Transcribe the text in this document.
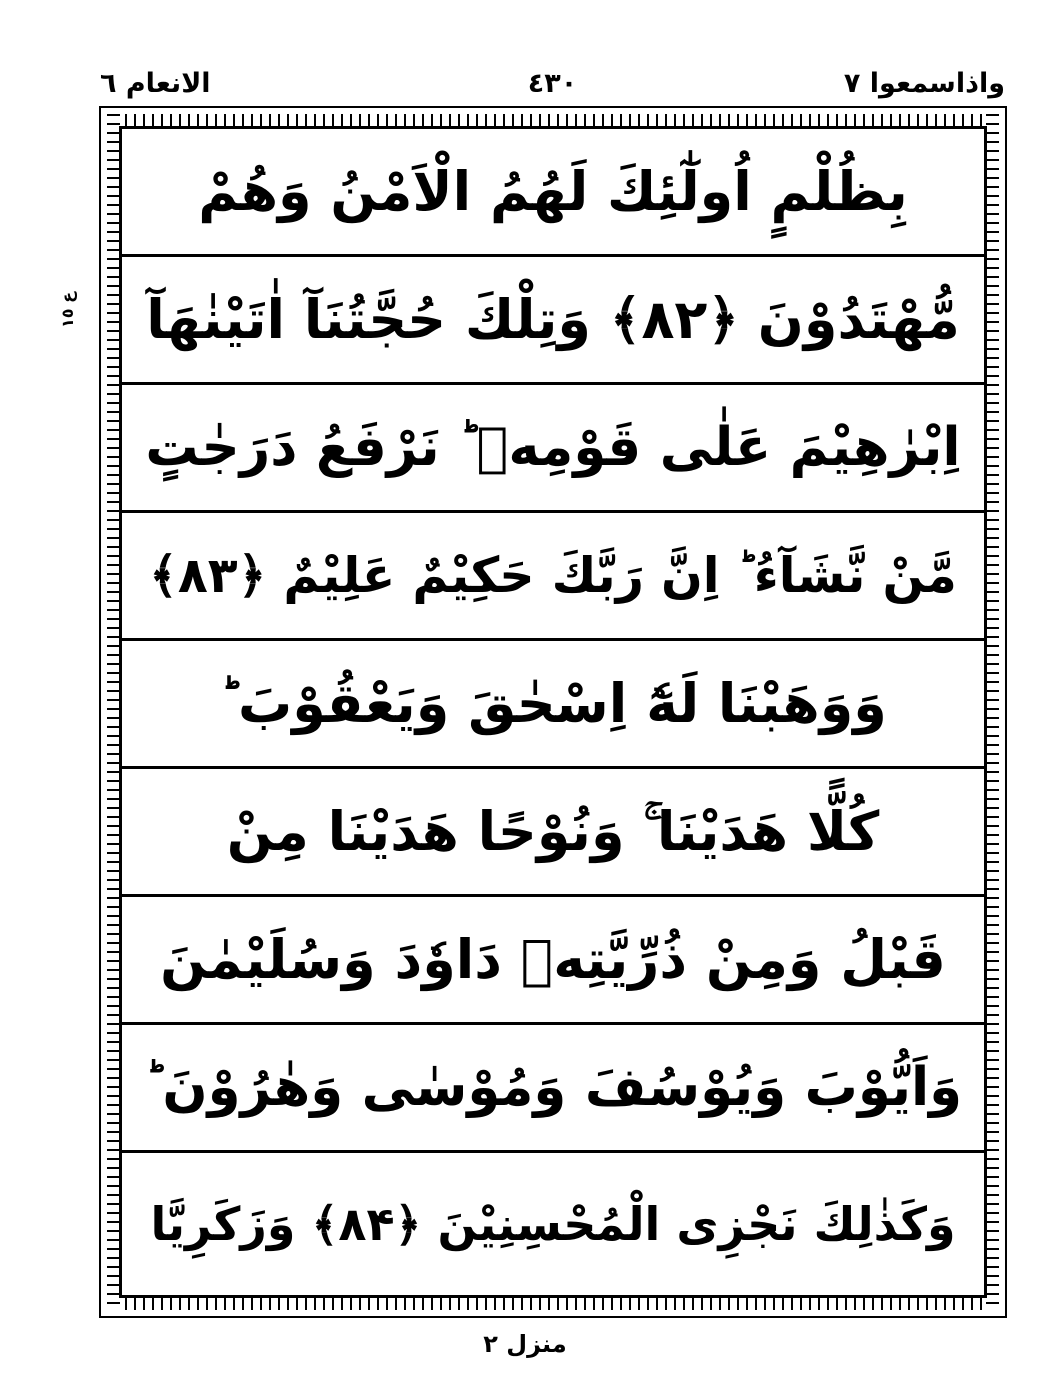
واذاسمعوا ٧
٤٣٠
الانعام ٦
ع ١٥
بِظُلْمٍ اُولٰٓئِكَ لَهُمُ الْاَمْنُ وَهُمْ
مُّهْتَدُوْنَ ﴿۸۲﴾ وَتِلْكَ حُجَّتُنَآ اٰتَيْنٰهَآ
اِبْرٰهِيْمَ عَلٰى قَوْمِهٖ ؕ نَرْفَعُ دَرَجٰتٍ
مَّنْ نَّشَآءُ ؕ اِنَّ رَبَّكَ حَكِيْمٌ عَلِيْمٌ ﴿۸۳﴾
وَوَهَبْنَا لَهٗٓ اِسْحٰقَ وَيَعْقُوْبَ ؕ
كُلًّا هَدَيْنَا ۚ وَنُوْحًا هَدَيْنَا مِنْ
قَبْلُ وَمِنْ ذُرِّيَّتِهٖ دَاوٗدَ وَسُلَيْمٰنَ
وَاَيُّوْبَ وَيُوْسُفَ وَمُوْسٰى وَهٰرُوْنَ ؕ
وَكَذٰلِكَ نَجْزِى الْمُحْسِنِيْنَ ﴿۸۴﴾ وَزَكَرِيَّا
منزل ٢
